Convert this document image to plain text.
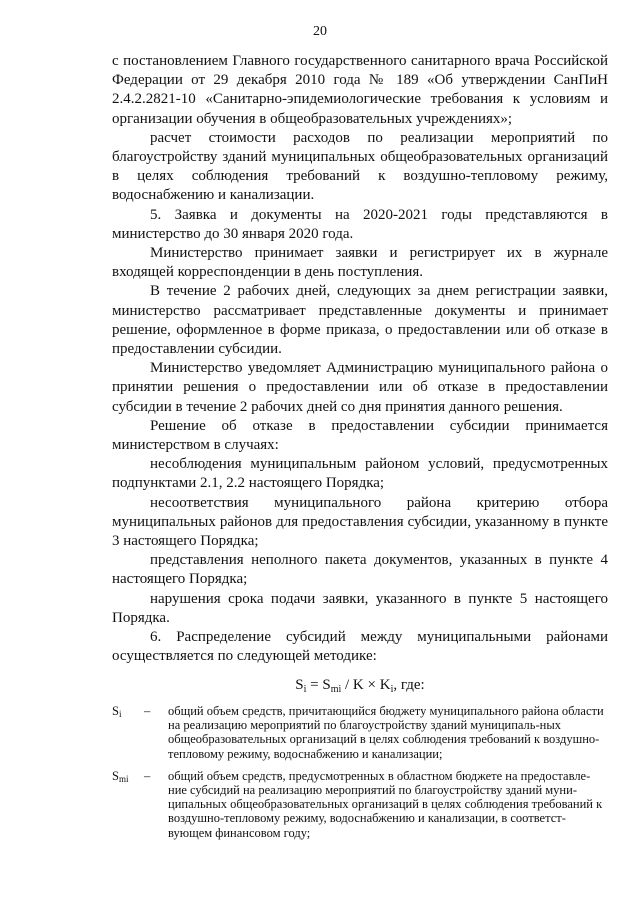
20

с постановлением Главного государственного санитарного врача Российской Федерации от 29 декабря 2010 года № 189 «Об утверждении СанПиН 2.4.2.2821-10 «Санитарно-эпидемиологические требования к условиям и организации обучения в общеобразовательных учреждениях»;

расчет стоимости расходов по реализации мероприятий по благоустройству зданий муниципальных общеобразовательных организаций в целях соблюдения требований к воздушно-тепловому режиму, водоснабжению и канализации.

5. Заявка и документы на 2020-2021 годы представляются в министерство до 30 января 2020 года.

Министерство принимает заявки и регистрирует их в журнале входящей корреспонденции в день поступления.

В течение 2 рабочих дней, следующих за днем регистрации заявки, министерство рассматривает представленные документы и принимает решение, оформленное в форме приказа, о предоставлении или об отказе в предоставлении субсидии.

Министерство уведомляет Администрацию муниципального района о принятии решения о предоставлении или об отказе в предоставлении субсидии в течение 2 рабочих дней со дня принятия данного решения.

Решение об отказе в предоставлении субсидии принимается министерством в случаях:

несоблюдения муниципальным районом условий, предусмотренных подпунктами 2.1, 2.2 настоящего Порядка;

несоответствия муниципального района критерию отбора муниципальных районов для предоставления субсидии, указанному в пункте 3 настоящего Порядка;

представления неполного пакета документов, указанных в пункте 4 настоящего Порядка;

нарушения срока подачи заявки, указанного в пункте 5 настоящего Порядка.

6. Распределение субсидий между муниципальными районами осуществляется по следующей методике:

$S_i = S_{mi} / K \times K_i$, где:
$S_i$	–	общий объем средств, причитающийся бюджету муниципального района области на реализацию мероприятий по благоустройству зданий муниципаль-ных общеобразовательных организаций в целях соблюдения требований к воздушно-тепловому режиму, водоснабжению и канализации;
$S_{mi}$	–	общий объем средств, предусмотренных в областном бюджете на предоставле-ние субсидий на реализацию мероприятий по благоустройству зданий муни-ципальных общеобразовательных организаций в целях соблюдения требований к воздушно-тепловому режиму, водоснабжению и канализации, в соответст-вующем финансовом году;
